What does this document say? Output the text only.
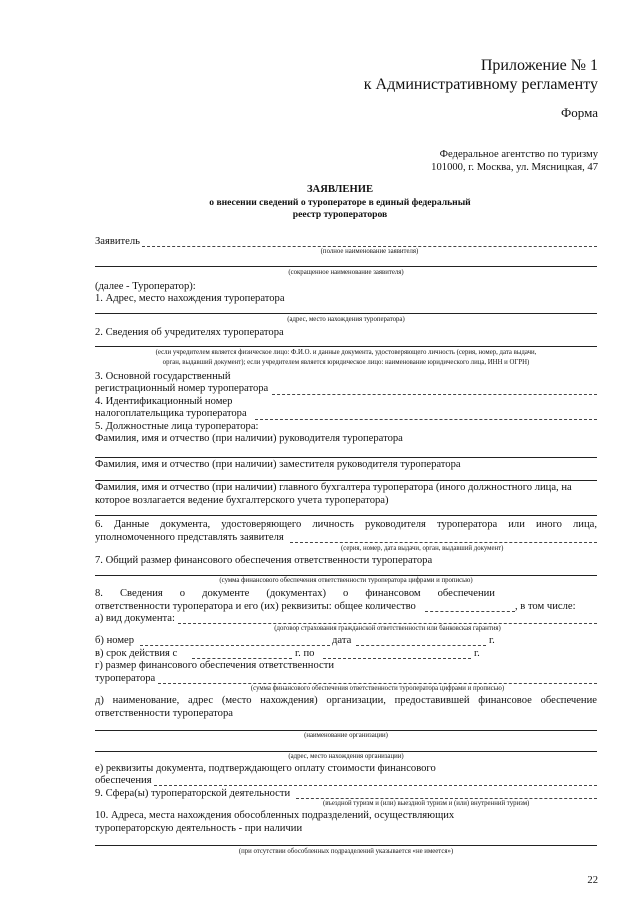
Приложение № 1
к Административному регламенту
Форма
Федеральное агентство по туризму
101000, г. Москва, ул. Мясницкая, 47
ЗАЯВЛЕНИЕ
о внесении сведений о туроператоре в единый федеральный
реестр туроператоров
Заявитель
(полное наименование заявителя)
(сокращенное наименование заявителя)
(далее - Туроператор):
1. Адрес, место нахождения туроператора
(адрес, место нахождения туроператора)
2. Сведения об учредителях туроператора
(если учредителем является физическое лицо: Ф.И.О. и данные документа, удостоверяющего личность (серия, номер, дата выдачи,
орган, выдавший документ); если учредителем является юридическое лицо: наименование юридического лица, ИНН и ОГРН)
3. Основной государственный
регистрационный номер туроператора
4. Идентификационный номер
налогоплательщика туроператора
5. Должностные лица туроператора:
Фамилия, имя и отчество (при наличии) руководителя туроператора
Фамилия, имя и отчество (при наличии) заместителя руководителя туроператора
Фамилия, имя и отчество (при наличии) главного бухгалтера туроператора (иного должностного лица, на
которое возлагается ведение бухгалтерского учета туроператора)
6. Данные документа, удостоверяющего личность руководителя туроператора или иного лица,
уполномоченного представлять заявителя
(серия, номер, дата выдачи, орган, выдавший документ)
7. Общий размер финансового обеспечения ответственности туроператора
(сумма финансового обеспечения ответственности туроператора цифрами и прописью)
8. Сведения о документе (документах) о финансовом обеспечении
ответственности туроператора и его (их) реквизиты: общее количество	, в том числе:
а) вид документа:
(договор страхования гражданской ответственности или банковская гарантия)
б) номер	дата	г.
в) срок действия с	г. по	г.
г) размер финансового обеспечения ответственности
туроператора
(сумма финансового обеспечения ответственности туроператора цифрами и прописью)
д) наименование, адрес (место нахождения) организации, предоставившей финансовое обеспечение
ответственности туроператора
(наименование организации)
(адрес, место нахождения организации)
е) реквизиты документа, подтверждающего оплату стоимости финансового
обеспечения
9. Сфера(ы) туроператорской деятельности
(въездной туризм и (или) выездной туризм и (или) внутренний туризм)
10. Адреса, места нахождения обособленных подразделений, осуществляющих
туроператорскую деятельность - при наличии
(при отсутствии обособленных подразделений указывается «не имеется»)
22
